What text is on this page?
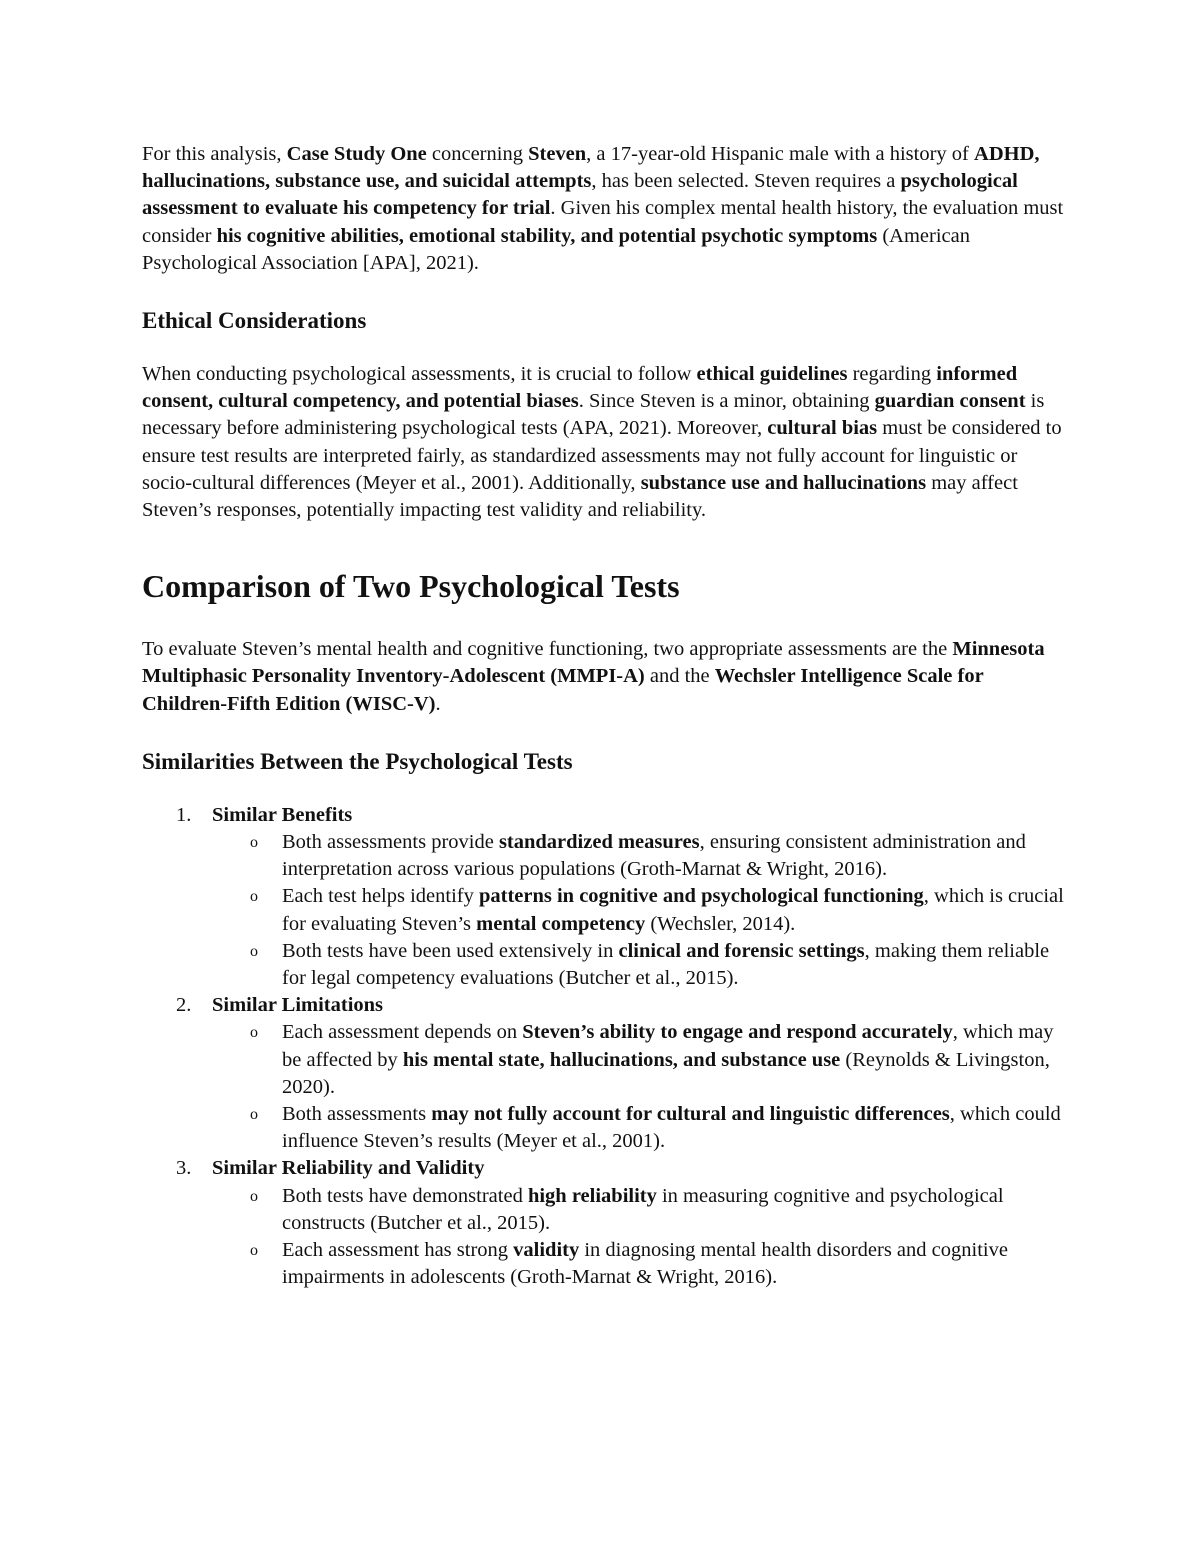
For this analysis, Case Study One concerning Steven, a 17-year-old Hispanic male with a history of ADHD, hallucinations, substance use, and suicidal attempts, has been selected. Steven requires a psychological assessment to evaluate his competency for trial. Given his complex mental health history, the evaluation must consider his cognitive abilities, emotional stability, and potential psychotic symptoms (American Psychological Association [APA], 2021).

Ethical Considerations

When conducting psychological assessments, it is crucial to follow ethical guidelines regarding informed consent, cultural competency, and potential biases. Since Steven is a minor, obtaining guardian consent is necessary before administering psychological tests (APA, 2021). Moreover, cultural bias must be considered to ensure test results are interpreted fairly, as standardized assessments may not fully account for linguistic or socio-cultural differences (Meyer et al., 2001). Additionally, substance use and hallucinations may affect Steven’s responses, potentially impacting test validity and reliability.

Comparison of Two Psychological Tests

To evaluate Steven’s mental health and cognitive functioning, two appropriate assessments are the Minnesota Multiphasic Personality Inventory-Adolescent (MMPI-A) and the Wechsler Intelligence Scale for Children-Fifth Edition (WISC-V).

Similarities Between the Psychological Tests
1. Similar Benefits
o Both assessments provide standardized measures, ensuring consistent administration and interpretation across various populations (Groth-Marnat & Wright, 2016).
o Each test helps identify patterns in cognitive and psychological functioning, which is crucial for evaluating Steven’s mental competency (Wechsler, 2014).
o Both tests have been used extensively in clinical and forensic settings, making them reliable for legal competency evaluations (Butcher et al., 2015).
2. Similar Limitations
o Each assessment depends on Steven’s ability to engage and respond accurately, which may be affected by his mental state, hallucinations, and substance use (Reynolds & Livingston, 2020).
o Both assessments may not fully account for cultural and linguistic differences, which could influence Steven’s results (Meyer et al., 2001).
3. Similar Reliability and Validity
o Both tests have demonstrated high reliability in measuring cognitive and psychological constructs (Butcher et al., 2015).
o Each assessment has strong validity in diagnosing mental health disorders and cognitive impairments in adolescents (Groth-Marnat & Wright, 2016).
